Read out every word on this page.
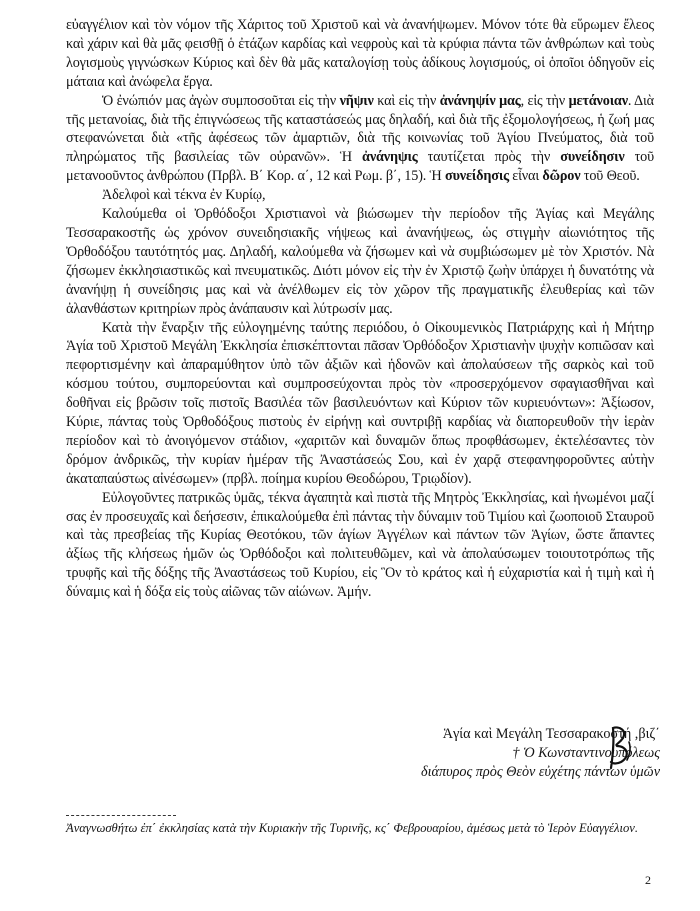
εὐαγγέλιον καὶ τὸν νόμον τῆς Χάριτος τοῦ Χριστοῦ καὶ νὰ ἀνανήψωμεν. Μόνον τότε θὰ εὕρωμεν ἔλεος καὶ χάριν καὶ θὰ μᾶς φεισθῇ ὁ ἐτάζων καρδίας καὶ νεφροὺς καὶ τὰ κρύφια πάντα τῶν ἀνθρώπων καὶ τοὺς λογισμοὺς γιγνώσκων Κύριος καὶ δὲν θὰ μᾶς καταλογίσῃ τοὺς ἀδίκους λογισμούς, οἱ ὁποῖοι ὁδηγοῦν εἰς μάταια καὶ ἀνώφελα ἔργα.

Ὁ ἐνώπιόν μας ἀγὼν συμποσοῦται εἰς τὴν νῆψιν καὶ εἰς τὴν ἀνάνηψίν μας, εἰς τὴν μετάνοιαν. Διὰ τῆς μετανοίας, διὰ τῆς ἐπιγνώσεως τῆς καταστάσεώς μας δηλαδή, καὶ διὰ τῆς ἐξομολογήσεως, ἡ ζωή μας στεφανώνεται διὰ «τῆς ἀφέσεως τῶν ἁμαρτιῶν, διὰ τῆς κοινωνίας τοῦ Ἁγίου Πνεύματος, διὰ τοῦ πληρώματος τῆς βασιλείας τῶν οὐρανῶν». Ἡ ἀνάνηψις ταυτίζεται πρὸς τὴν συνείδησιν τοῦ μετανοοῦντος ἀνθρώπου (Πρβλ. Β΄ Κορ. α΄, 12 καὶ Ρωμ. β΄, 15). Ἡ συνείδησις εἶναι δῶρον τοῦ Θεοῦ.

Ἀδελφοὶ καὶ τέκνα ἐν Κυρίῳ,

Καλούμεθα οἱ Ὀρθόδοξοι Χριστιανοὶ νὰ βιώσωμεν τὴν περίοδον τῆς Ἁγίας καὶ Μεγάλης Τεσσαρακοστῆς ὡς χρόνον συνειδησιακῆς νήψεως καὶ ἀνανήψεως, ὡς στιγμὴν αἰωνιότητος τῆς Ὀρθοδόξου ταυτότητός μας. Δηλαδή, καλούμεθα νὰ ζήσωμεν καὶ νὰ συμβιώσωμεν μὲ τὸν Χριστόν. Νὰ ζήσωμεν ἐκκλησιαστικῶς καὶ πνευματικῶς. Διότι μόνον εἰς τὴν ἐν Χριστῷ ζωὴν ὑπάρχει ἡ δυνατότης νὰ ἀνανήψῃ ἡ συνείδησις μας καὶ νὰ ἀνέλθωμεν εἰς τὸν χῶρον τῆς πραγματικῆς ἐλευθερίας καὶ τῶν ἀλανθάστων κριτηρίων πρὸς ἀνάπαυσιν καὶ λύτρωσίν μας.

Κατὰ τὴν ἔναρξιν τῆς εὐλογημένης ταύτης περιόδου, ὁ Οἰκουμενικὸς Πατριάρχης καὶ ἡ Μήτηρ Ἁγία τοῦ Χριστοῦ Μεγάλη Ἐκκλησία ἐπισκέπτονται πᾶσαν Ὀρθόδοξον Χριστιανὴν ψυχὴν κοπιῶσαν καὶ πεφορτισμένην καὶ ἀπαραμύθητον ὑπὸ τῶν ἀξιῶν καὶ ἡδονῶν καὶ ἀπολαύσεων τῆς σαρκὸς καὶ τοῦ κόσμου τούτου, συμπορεύονται καὶ συμπροσεύχονται πρὸς τὸν «προσερχόμενον σφαγιασθῆναι καὶ δοθῆναι εἰς βρῶσιν τοῖς πιστοῖς Βασιλέα τῶν βασιλευόντων καὶ Κύριον τῶν κυριευόντων»: Ἀξίωσον, Κύριε, πάντας τοὺς Ὀρθοδόξους πιστοὺς ἐν εἰρήνῃ καὶ συντριβῇ καρδίας νὰ διαπορευθοῦν τὴν ἱερὰν περίοδον καὶ τὸ ἀνοιγόμενον στάδιον, «χαριτῶν καὶ δυναμῶν ὅπως προφθάσωμεν, ἐκτελέσαντες τὸν δρόμον ἀνδρικῶς, τὴν κυρίαν ἡμέραν τῆς Ἀναστάσεώς Σου, καὶ ἐν χαρᾷ στεφανηφοροῦντες αὐτὴν ἀκαταπαύστως αἰνέσωμεν» (πρβλ. ποίημα κυρίου Θεοδώρου, Τριῳδίον).

Εὐλογοῦντες πατρικῶς ὑμᾶς, τέκνα ἀγαπητὰ καὶ πιστὰ τῆς Μητρὸς Ἐκκλησίας, καὶ ἡνωμένοι μαζί σας ἐν προσευχαῖς καὶ δεήσεσιν, ἐπικαλούμεθα ἐπὶ πάντας τὴν δύναμιν τοῦ Τιμίου καὶ ζωοποιοῦ Σταυροῦ καὶ τὰς πρεσβείας τῆς Κυρίας Θεοτόκου, τῶν ἁγίων Ἀγγέλων καὶ πάντων τῶν Ἁγίων, ὥστε ἅπαντες ἀξίως τῆς κλήσεως ἡμῶν ὡς Ὀρθόδοξοι καὶ πολιτευθῶμεν, καὶ νὰ ἀπολαύσωμεν τοιουτοτρόπως τῆς τρυφῆς καὶ τῆς δόξης τῆς Ἀναστάσεως τοῦ Κυρίου, εἰς Ὃν τὸ κράτος καὶ ἡ εὐχαριστία καὶ ἡ τιμὴ καὶ ἡ δύναμις καὶ ἡ δόξα εἰς τοὺς αἰῶνας τῶν αἰώνων. Ἀμήν.

Ἁγία καὶ Μεγάλη Τεσσαρακοστή ,βιζ΄
† Ὁ Κωνσταντινουπόλεως
διάπυρος πρὸς Θεὸν εὐχέτης πάντων ὑμῶν
Ἀναγνωσθήτω ἐπ΄ ἐκκλησίας κατὰ τὴν Κυριακὴν τῆς Τυρινῆς, κς΄ Φεβρουαρίου, ἀμέσως μετὰ τὸ Ἱερὸν Εὐαγγέλιον.
2
